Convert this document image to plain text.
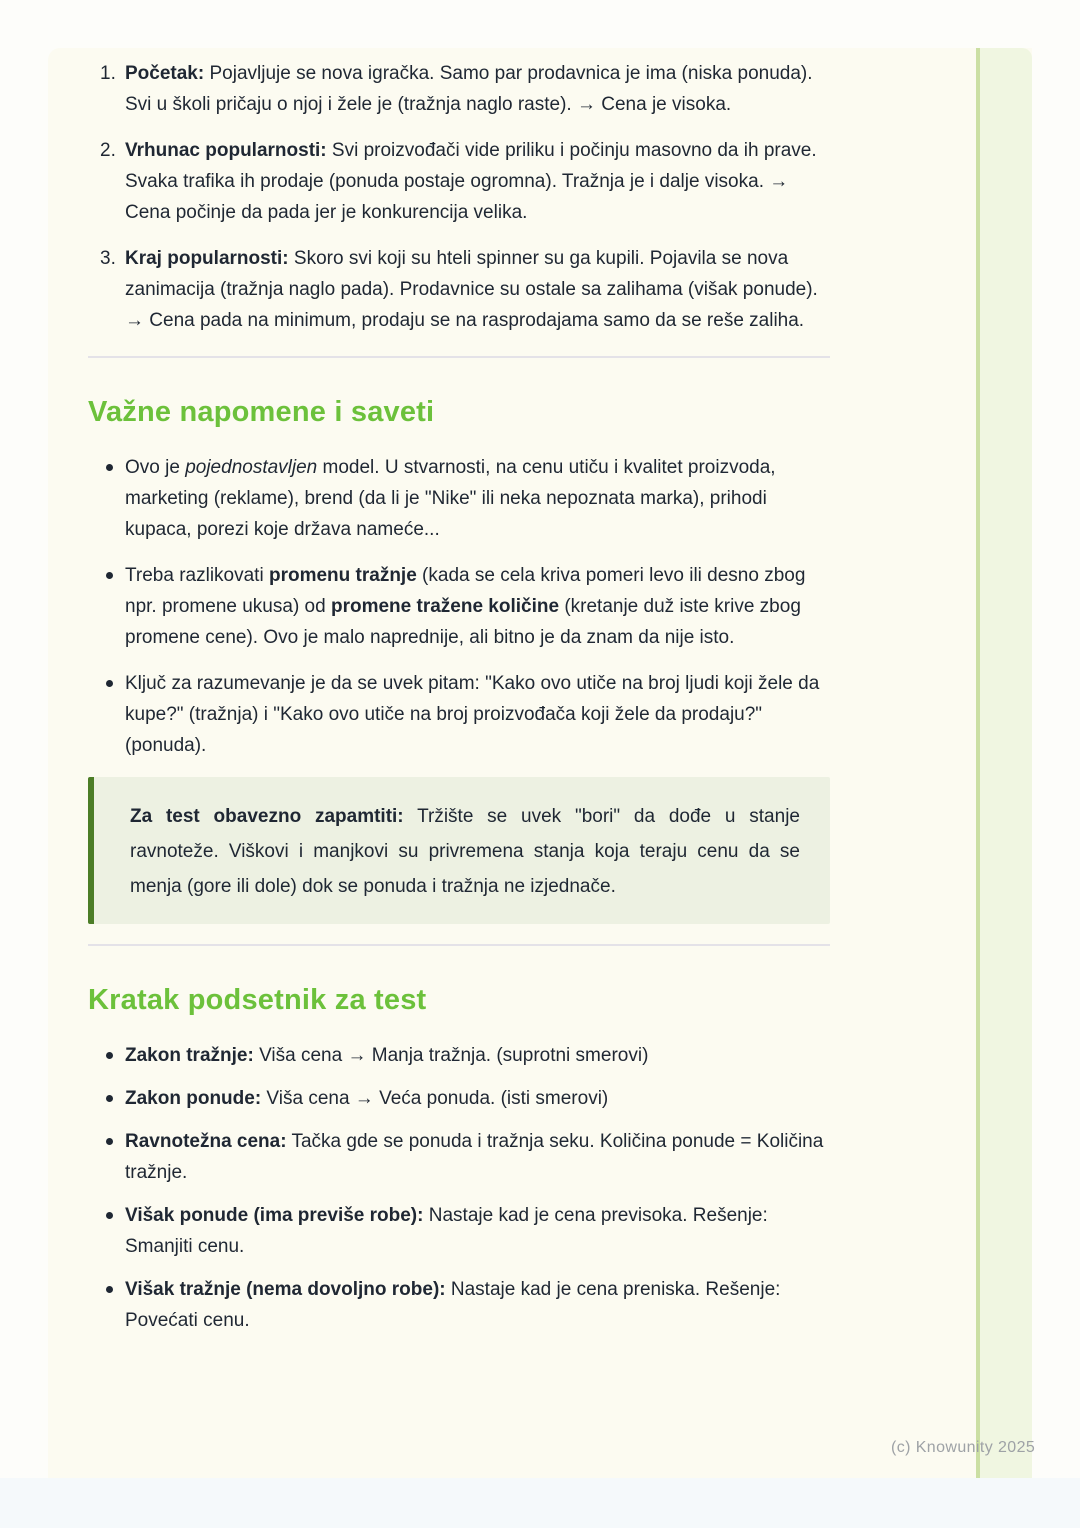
1. Početak: Pojavljuje se nova igračka. Samo par prodavnica je ima (niska ponuda). Svi u školi pričaju o njoj i žele je (tražnja naglo raste). → Cena je visoka.

2. Vrhunac popularnosti: Svi proizvođači vide priliku i počinju masovno da ih prave. Svaka trafika ih prodaje (ponuda postaje ogromna). Tražnja je i dalje visoka. → Cena počinje da pada jer je konkurencija velika.

3. Kraj popularnosti: Skoro svi koji su hteli spinner su ga kupili. Pojavila se nova zanimacija (tražnja naglo pada). Prodavnice su ostale sa zalihama (višak ponude). → Cena pada na minimum, prodaju se na rasprodajama samo da se reše zaliha.

Važne napomene i saveti

Ovo je pojednostavljen model. U stvarnosti, na cenu utiču i kvalitet proizvoda, marketing (reklame), brend (da li je "Nike" ili neka nepoznata marka), prihodi kupaca, porezi koje država nameće...

Treba razlikovati promenu tražnje (kada se cela kriva pomeri levo ili desno zbog npr. promene ukusa) od promene tražene količine (kretanje duž iste krive zbog promene cene). Ovo je malo naprednije, ali bitno je da znam da nije isto.

Ključ za razumevanje je da se uvek pitam: "Kako ovo utiče na broj ljudi koji žele da kupe?" (tražnja) i "Kako ovo utiče na broj proizvođača koji žele da prodaju?" (ponuda).

Za test obavezno zapamtiti: Tržište se uvek "bori" da dođe u stanje ravnoteže. Viškovi i manjkovi su privremena stanja koja teraju cenu da se menja (gore ili dole) dok se ponuda i tražnja ne izjednače.

Kratak podsetnik za test

Zakon tražnje: Viša cena → Manja tražnja. (suprotni smerovi)

Zakon ponude: Viša cena → Veća ponuda. (isti smerovi)

Ravnotežna cena: Tačka gde se ponuda i tražnja seku. Količina ponude = Količina tražnje.

Višak ponude (ima previše robe): Nastaje kad je cena previsoka. Rešenje: Smanjiti cenu.

Višak tražnje (nema dovoljno robe): Nastaje kad je cena preniska. Rešenje: Povećati cenu.

(c) Knowunity 2025
